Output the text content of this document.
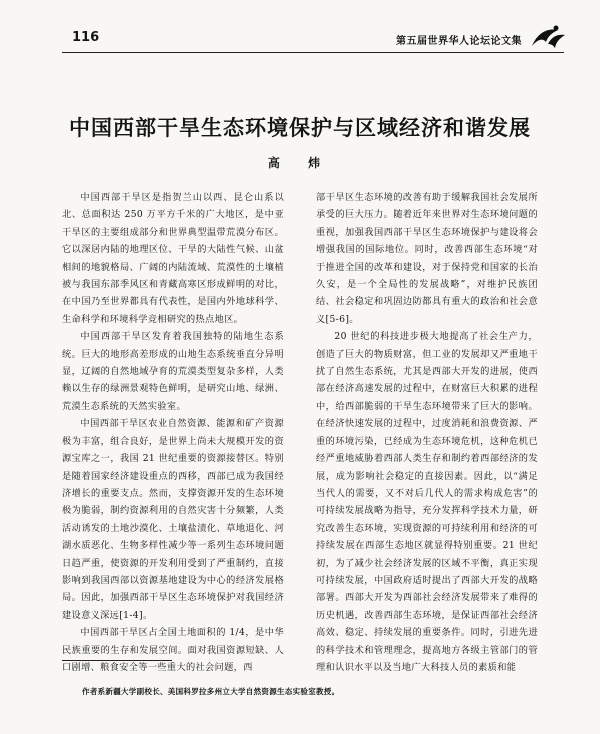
116	第五届世界华人论坛论文集
中国西部干旱生态环境保护与区域经济和谐发展
高 炜

中国西部干旱区是指贺兰山以西、昆仑山系以北、总面积达 250 万平方千米的广大地区，是中亚干旱区的主要组成部分和世界典型温带荒漠分布区。它以深居内陆的地理区位、干旱的大陆性气候、山盆相间的地貌格局、广阔的内陆流域、荒漠性的土壤植被与我国东部季风区和青藏高寒区形成鲜明的对比，在中国乃至世界都具有代表性，是国内外地球科学、生命科学和环境科学竞相研究的热点地区。

中国西部干旱区发育着我国独特的陆地生态系统。巨大的地形高差形成的山地生态系统垂直分异明显，辽阔的自然地域孕育的荒漠类型复杂多样，人类赖以生存的绿洲景观特色鲜明，是研究山地、绿洲、荒漠生态系统的天然实验室。

中国西部干旱区农业自然资源、能源和矿产资源极为丰富，组合良好，是世界上尚未大规模开发的资源宝库之一，我国 21 世纪重要的资源接替区。特别是随着国家经济建设重点的西移，西部已成为我国经济增长的重要支点。然而，支撑资源开发的生态环境极为脆弱，制约资源利用的自然灾害十分频繁，人类活动诱发的土地沙漠化、土壤盐渍化、草地退化、河湖水质恶化、生物多样性减少等一系列生态环境问题日趋严重，使资源的开发利用受到了严重制约，直接影响到我国西部以资源基地建设为中心的经济发展格局。因此，加强西部干旱区生态环境保护对我国经济建设意义深远[1-4]。

中国西部干旱区占全国土地面积的 1/4，是中华民族重要的生存和发展空间。面对我国资源短缺、人口剧增、粮食安全等一些重大的社会问题，西

部干旱区生态环境的改善有助于缓解我国社会发展所承受的巨大压力。随着近年来世界对生态环境问题的重视，加强我国西部干旱区生态环境保护与建设将会增强我国的国际地位。同时，改善西部生态环境“对于推进全国的改革和建设，对于保持党和国家的长治久安，是一个全局性的发展战略”，对维护民族团结、社会稳定和巩固边防都具有重大的政治和社会意义[5-6]。

20 世纪的科技进步极大地提高了社会生产力，创造了巨大的物质财富，但工业的发展却又严重地干扰了自然生态系统，尤其是西部大开发的进展，使西部在经济高速发展的过程中，在财富巨大积累的进程中，给西部脆弱的干旱生态环境带来了巨大的影响。在经济快速发展的过程中，过度消耗和浪费资源、严重的环境污染，已经成为生态环境危机，这种危机已经严重地威胁着西部人类生存和制约着西部经济的发展，成为影响社会稳定的直接因素。因此，以“满足当代人的需要，又不对后几代人的需求构成危害”的可持续发展战略为指导，充分发挥科学技术力量，研究改善生态环境，实现资源的可持续利用和经济的可持续发展在西部生态地区就显得特别重要。21 世纪初，为了减少社会经济发展的区域不平衡，真正实现可持续发展，中国政府适时提出了西部大开发的战略部署。西部大开发为西部社会经济发展带来了难得的历史机遇，改善西部生态环境，是保证西部社会经济高效、稳定、持续发展的重要条件。同时，引进先进的科学技术和管理理念，提高地方各级主管部门的管理和认识水平以及当地广大科技人员的素质和能

作者系新疆大学副校长、美国科罗拉多州立大学自然资源生态实验室教授。
